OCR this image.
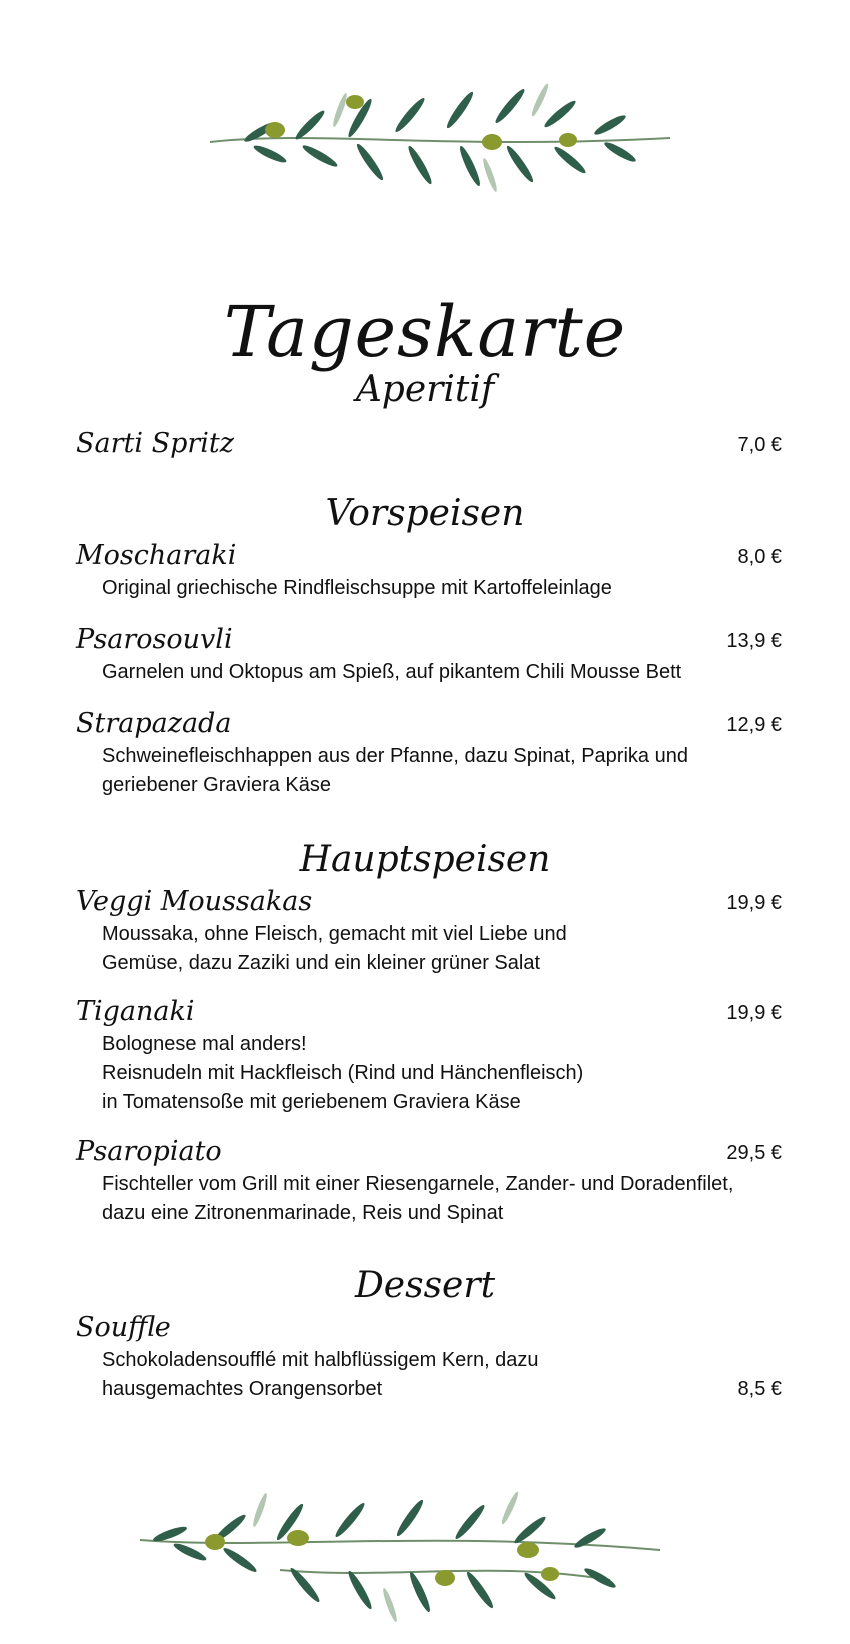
Tageskarte
Aperitif
Sarti Spritz	7,0 €
Vorspeisen
Moscharaki	8,0 €
Original griechische Rindfleischsuppe mit Kartoffeleinlage
Psarosouvli	13,9 €
Garnelen und Oktopus am Spieß, auf pikantem Chili Mousse Bett
Strapazada	12,9 €
Schweinefleischhappen aus der Pfanne, dazu Spinat, Paprika und
geriebener Graviera Käse
Hauptspeisen
Veggi Moussakas	19,9 €
Moussaka, ohne Fleisch, gemacht mit viel Liebe und
Gemüse, dazu Zaziki und ein kleiner grüner Salat
Tiganaki	19,9 €
Bolognese mal anders!
Reisnudeln mit Hackfleisch (Rind und Hänchenfleisch)
in Tomatensoße mit geriebenem Graviera Käse
Psaropiato	29,5 €
Fischteller vom Grill mit einer Riesengarnele, Zander- und Doradenfilet,
dazu eine Zitronenmarinade, Reis und Spinat
Dessert
Souffle
Schokoladensoufflé mit halbflüssigem Kern, dazu
hausgemachtes Orangensorbet	8,5 €
